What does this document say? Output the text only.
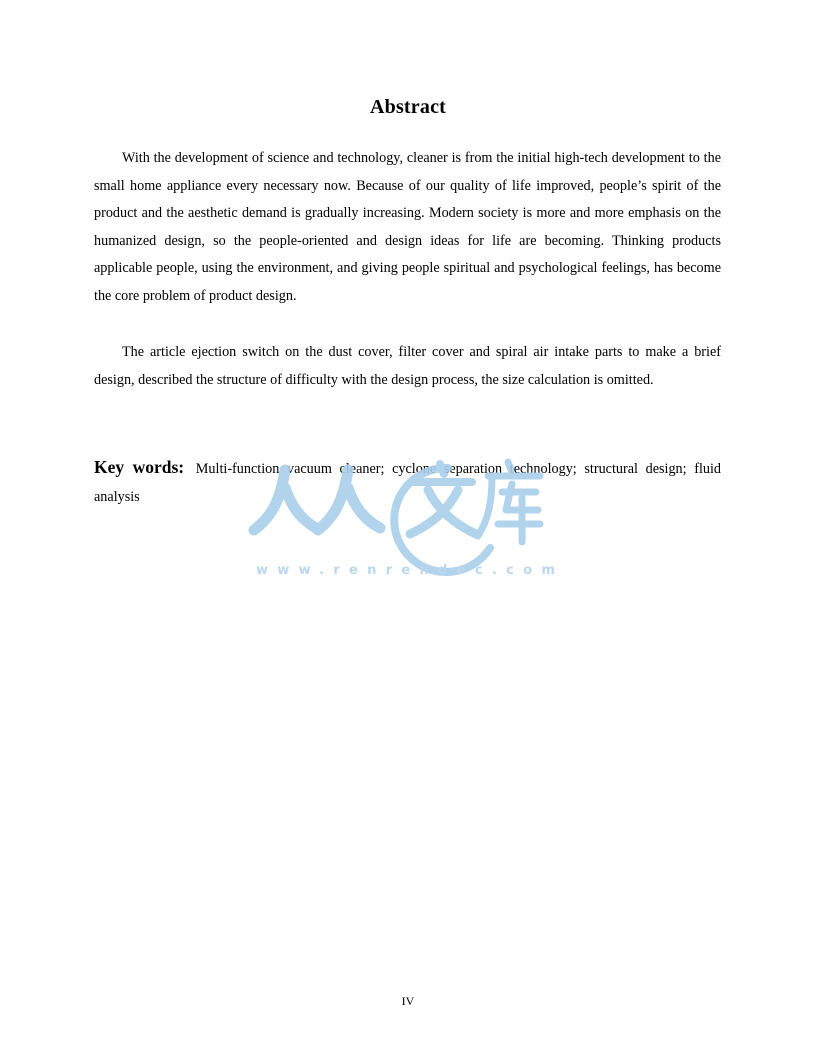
Abstract

With the development of science and technology, cleaner is from the initial high-tech development to the small home appliance every necessary now. Because of our quality of life improved, people’s spirit of the product and the aesthetic demand is gradually increasing. Modern society is more and more emphasis on the humanized design, so the people-oriented and design ideas for life are becoming. Thinking products applicable people, using the environment, and giving people spiritual and psychological feelings, has become the core problem of product design.

The article ejection switch on the dust cover, filter cover and spiral air intake parts to make a brief design, described the structure of difficulty with the design process, the size calculation is omitted.

Key words: Multi-function vacuum cleaner; cyclone separation technology; structural design; fluid analysis
www.renrendoc.com
IV
